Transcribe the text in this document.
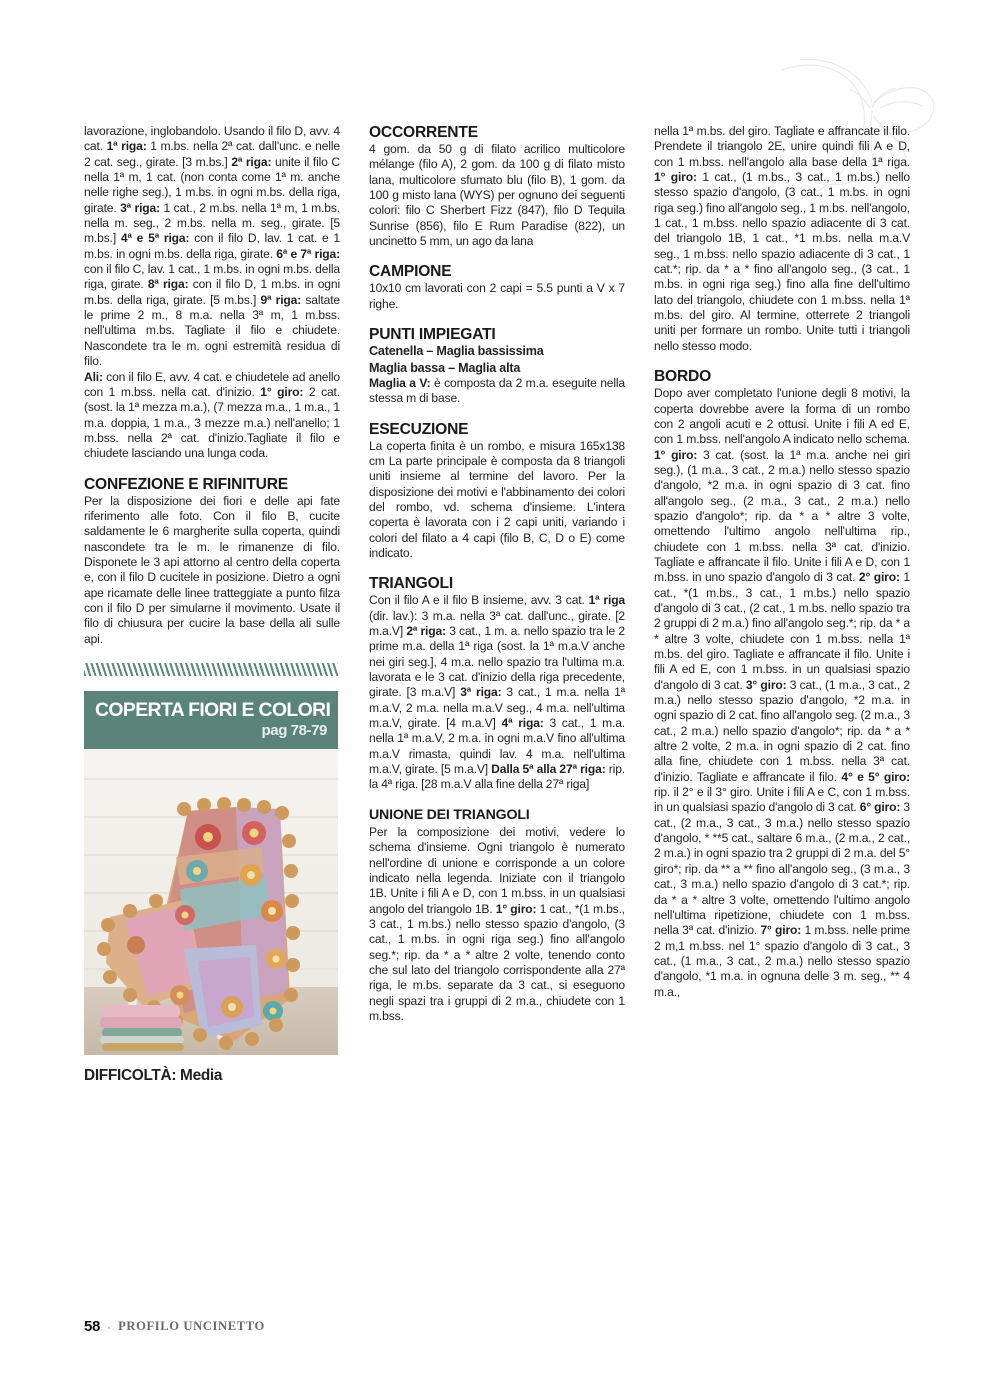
lavorazione, inglobandolo. Usando il filo D, avv. 4 cat. 1ª riga: 1 m.bs. nella 2ª cat. dall'unc. e nelle 2 cat. seg., girate. [3 m.bs.] 2ª riga: unite il filo C nella 1ª m, 1 cat. (non conta come 1ª m. anche nelle righe seg.), 1 m.bs. in ogni m.bs. della riga, girate. 3ª riga: 1 cat., 2 m.bs. nella 1ª m, 1 m.bs. nella m. seg., 2 m.bs. nella m. seg., girate. [5 m.bs.] 4ª e 5ª riga: con il filo D, lav. 1 cat. e 1 m.bs. in ogni m.bs. della riga, girate. 6ª e 7ª riga: con il filo C, lav. 1 cat., 1 m.bs. in ogni m.bs. della riga, girate. 8ª riga: con il filo D, 1 m.bs. in ogni m.bs. della riga, girate. [5 m.bs.] 9ª riga: saltate le prime 2 m., 8 m.a. nella 3ª m, 1 m.bss. nell'ultima m.bs. Tagliate il filo e chiudete. Nascondete tra le m. ogni estremità residua di filo.

Ali: con il filo E, avv. 4 cat. e chiudetele ad anello con 1 m.bss. nella cat. d'inizio. 1° giro: 2 cat. (sost. la 1ª mezza m.a.), (7 mezza m.a., 1 m.a., 1 m.a. doppia, 1 m.a., 3 mezze m.a.) nell'anello; 1 m.bss. nella 2ª cat. d'inizio.Tagliate il filo e chiudete lasciando una lunga coda.

CONFEZIONE E RIFINITURE

Per la disposizione dei fiori e delle api fate riferimento alle foto. Con il filo B, cucite saldamente le 6 margherite sulla coperta, quindi nascondete tra le m. le rimanenze di filo. Disponete le 3 api attorno al centro della coperta e, con il filo D cucitele in posizione. Dietro a ogni ape ricamate delle linee tratteggiate a punto filza con il filo D per simularne il movimento. Usate il filo di chiusura per cucire la base della ali sulle api.

COPERTA FIORI E COLORI
pag 78-79
DIFFICOLTÀ: Media
OCCORRENTE

4 gom. da 50 g di filato acrilico multicolore mélange (filo A), 2 gom. da 100 g di filato misto lana, multicolore sfumato blu (filo B), 1 gom. da 100 g misto lana (WYS) per ognuno dei seguenti colori: filo C Sherbert Fizz (847), filo D Tequila Sunrise (856), filo E Rum Paradise (822), un uncinetto 5 mm, un ago da lana

CAMPIONE

10x10 cm lavorati con 2 capi = 5.5 punti a V x 7 righe.

PUNTI IMPIEGATI
Catenella – Maglia bassissima
Maglia bassa – Maglia alta

Maglia a V: è composta da 2 m.a. eseguite nella stessa m di base.

ESECUZIONE

La coperta finita è un rombo, e misura 165x138 cm La parte principale è composta da 8 triangoli uniti insieme al termine del lavoro. Per la disposizione dei motivi e l'abbinamento dei colori del rombo, vd. schema d'insieme. L'intera coperta è lavorata con i 2 capi uniti, variando i colori del filato a 4 capi (filo B, C, D o E) come indicato.

TRIANGOLI

Con il filo A e il filo B insieme, avv. 3 cat. 1ª riga (dir. lav.): 3 m.a. nella 3ª cat. dall'unc., girate. [2 m.a.V] 2ª riga: 3 cat., 1 m. a. nello spazio tra le 2 prime m.a. della 1ª riga (sost. la 1ª m.a.V anche nei giri seg.], 4 m.a. nello spazio tra l'ultima m.a. lavorata e le 3 cat. d'inizio della riga precedente, girate. [3 m.a.V] 3ª riga: 3 cat., 1 m.a. nella 1ª m.a.V, 2 m.a. nella m.a.V seg., 4 m.a. nell'ultima m.a.V, girate. [4 m.a.V] 4ª riga: 3 cat., 1 m.a. nella 1ª m.a.V, 2 m.a. in ogni m.a.V fino all'ultima m.a.V rimasta, quindi lav. 4 m.a. nell'ultima m.a.V, girate. [5 m.a.V] Dalla 5ª alla 27ª riga: rip. la 4ª riga. [28 m.a.V alla fine della 27ª riga]

UNIONE DEI TRIANGOLI

Per la composizione dei motivi, vedere lo schema d'insieme. Ogni triangolo è numerato nell'ordine di unione e corrisponde a un colore indicato nella legenda. Iniziate con il triangolo 1B. Unite i fili A e D, con 1 m.bss. in un qualsiasi angolo del triangolo 1B. 1° giro: 1 cat., *(1 m.bs., 3 cat., 1 m.bs.) nello stesso spazio d'angolo, (3 cat., 1 m.bs. in ogni riga seg.) fino all'angolo seg.*; rip. da * a * altre 2 volte, tenendo conto che sul lato del triangolo corrispondente alla 27ª riga, le m.bs. separate da 3 cat., si eseguono negli spazi tra i gruppi di 2 m.a., chiudete con 1 m.bss.

nella 1ª m.bs. del giro. Tagliate e affrancate il filo. Prendete il triangolo 2E, unire quindi fili A e D, con 1 m.bss. nell'angolo alla base della 1ª riga. 1° giro: 1 cat., (1 m.bs., 3 cat., 1 m.bs.) nello stesso spazio d'angolo, (3 cat., 1 m.bs. in ogni riga seg.) fino all'angolo seg., 1 m.bs. nell'angolo, 1 cat., 1 m.bss. nello spazio adiacente di 3 cat. del triangolo 1B, 1 cat., *1 m.bs. nella m.a.V seg., 1 m.bss. nello spazio adiacente di 3 cat., 1 cat.*; rip. da * a * fino all'angolo seg., (3 cat., 1 m.bs. in ogni riga seg.) fino alla fine dell'ultimo lato del triangolo, chiudete con 1 m.bss. nella 1ª m.bs. del giro. Al termine, otterrete 2 triangoli uniti per formare un rombo. Unite tutti i triangoli nello stesso modo.

BORDO

Dopo aver completato l'unione degli 8 motivi, la coperta dovrebbe avere la forma di un rombo con 2 angoli acuti e 2 ottusi. Unite i fili A ed E, con 1 m.bss. nell'angolo A indicato nello schema. 1° giro: 3 cat. (sost. la 1ª m.a. anche nei giri seg.), (1 m.a., 3 cat., 2 m.a.) nello stesso spazio d'angolo, *2 m.a. in ogni spazio di 3 cat. fino all'angolo seg., (2 m.a., 3 cat., 2 m.a.) nello spazio d'angolo*; rip. da * a * altre 3 volte, omettendo l'ultimo angolo nell'ultima rip., chiudete con 1 m.bss. nella 3ª cat. d'inizio. Tagliate e affrancate il filo. Unite i fili A e D, con 1 m.bss. in uno spazio d'angolo di 3 cat. 2° giro: 1 cat., *(1 m.bs., 3 cat., 1 m.bs.) nello spazio d'angolo di 3 cat., (2 cat., 1 m.bs. nello spazio tra 2 gruppi di 2 m.a.) fino all'angolo seg.*; rip. da * a * altre 3 volte, chiudete con 1 m.bss. nella 1ª m.bs. del giro. Tagliate e affrancate il filo. Unite i fili A ed E, con 1 m.bss. in un qualsiasi spazio d'angolo di 3 cat. 3° giro: 3 cat., (1 m.a., 3 cat., 2 m.a.) nello stesso spazio d'angolo, *2 m.a. in ogni spazio di 2 cat. fino all'angolo seg. (2 m.a., 3 cat., 2 m.a.) nello spazio d'angolo*; rip. da * a * altre 2 volte, 2 m.a. in ogni spazio di 2 cat. fino alla fine, chiudete con 1 m.bss. nella 3ª cat. d'inizio. Tagliate e affrancate il filo. 4° e 5° giro: rip. il 2° e il 3° giro. Unite i fili A e C, con 1 m.bss. in un qualsiasi spazio d'angolo di 3 cat. 6° giro: 3 cat., (2 m.a., 3 cat., 3 m.a.) nello stesso spazio d'angolo, * **5 cat., saltare 6 m.a., (2 m.a., 2 cat., 2 m.a.) in ogni spazio tra 2 gruppi di 2 m.a. del 5° giro*; rip. da ** a ** fino all'angolo seg., (3 m.a., 3 cat., 3 m.a.) nello spazio d'angolo di 3 cat.*; rip. da * a * altre 3 volte, omettendo l'ultimo angolo nell'ultima ripetizione, chiudete con 1 m.bss. nella 3ª cat. d'inizio. 7° giro: 1 m.bss. nelle prime 2 m,1 m.bss. nel 1° spazio d'angolo di 3 cat., 3 cat., (1 m.a., 3 cat., 2 m.a.) nello stesso spazio d'angolo, *1 m.a. in ognuna delle 3 m. seg., ** 4 m.a.,

58 · PROFILO UNCINETTO
